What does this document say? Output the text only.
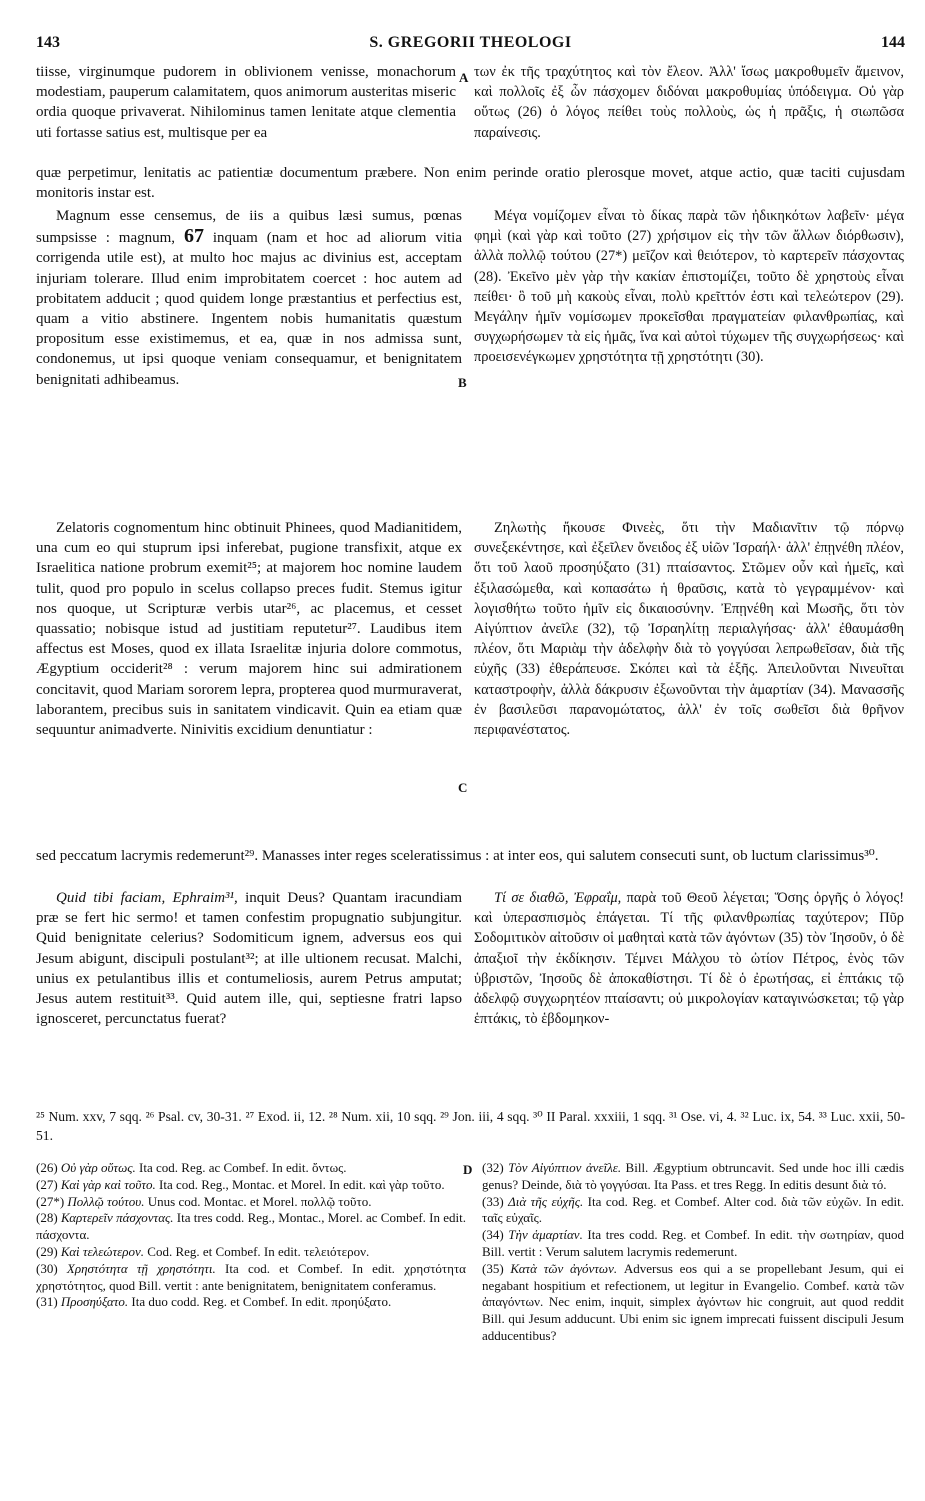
143	S. GREGORII THEOLOGI	144

tiisse, virginumque pudorem in oblivionem venisse, monachorum modestiam, pauperum calamitatem, quos animorum austeritas miseric ordia quoque privaverat. Nihilominus tamen lenitate atque clementia uti fortasse satius est, multisque per ea

A των ἐκ τῆς τραχύτητος καὶ τὸν ἔλεον. Ἀλλ' ἴσως μακροθυμεῖν ἄμεινον, καὶ πολλοῖς ἐξ ὧν πάσχομεν διδόναι μακροθυμίας ὑπόδειγμα. Οὐ γὰρ οὕτως (26) ὁ λόγος πείθει τοὺς πολλοὺς, ὡς ἡ πρᾶξις, ἡ σιωπῶσα παραίνεσις.

quæ perpetimur, lenitatis ac patientiæ documentum præbere. Non enim perinde oratio plerosque movet, atque actio, quæ taciti cujusdam monitoris instar est.

Magnum esse censemus, de iis a quibus læsi sumus, pœnas sumpsisse : magnum, 67 inquam (nam et hoc ad aliorum vitia corrigenda utile est), at multo hoc majus ac divinius est, acceptam injuriam tolerare. Illud enim improbitatem coercet : hoc autem ad probitatem adducit ; quod quidem longe præstantius et perfectius est, quam a vitio abstinere. Ingentem nobis humanitatis quæstum propositum esse existimemus, et ea, quæ in nos admissa sunt, condonemus, ut ipsi quoque veniam consequamur, et benignitatem benignitati adhibeamus.	B

Μέγα νομίζομεν εἶναι τὸ δίκας παρὰ τῶν ἠδικηκότων λαβεῖν· μέγα φημὶ (καὶ γὰρ καὶ τοῦτο (27) χρήσιμον εἰς τὴν τῶν ἄλλων διόρθωσιν), ἀλλὰ πολλῷ τούτου (27*) μεῖζον καὶ θειότερον, τὸ καρτερεῖν πάσχοντας (28). Ἐκεῖνο μὲν γὰρ τὴν κακίαν ἐπιστομίζει, τοῦτο δὲ χρηστοὺς εἶναι πείθει· ὃ τοῦ μὴ κακοὺς εἶναι, πολὺ κρεῖττόν ἐστι καὶ τελεώτερον (29). Μεγάλην ἡμῖν νομίσωμεν προκεῖσθαι πραγματείαν φιλανθρωπίας, καὶ συγχωρήσωμεν τὰ εἰς ἡμᾶς, ἵνα καὶ αὐτοὶ τύχωμεν τῆς συγχωρήσεως· καὶ προεισενέγκωμεν χρηστότητα τῇ χρηστότητι (30).

Zelatoris cognomentum hinc obtinuit Phinees, quod Madianitidem, una cum eo qui stuprum ipsi inferebat, pugione transfixit, atque ex Israelitica natione probrum exemit²⁵; at majorem hoc nomine laudem tulit, quod pro populo in scelus collapso preces fudit. Stemus igitur nos quoque, ut Scripturæ verbis utar²⁶, ac placemus, et cesset quassatio; nobisque istud ad justitiam reputetur²⁷. Laudibus item affectus est Moses, quod ex illata Israelitæ injuria dolore commotus, Ægyptium occiderit²⁸ : verum majorem hinc sui admirationem concitavit, quod Mariam sororem lepra, propterea quod murmuraverat, laborantem, precibus suis in sanitatem vindicavit. Quin ea etiam quæ sequuntur animadverte. Ninivitis excidium denuntiatur :

C

Ζηλωτὴς ἤκουσε Φινεὲς, ὅτι τὴν Μαδιανῖτιν τῷ πόρνῳ συνεξεκέντησε, καὶ ἐξεῖλεν ὄνειδος ἐξ υἱῶν Ἰσραήλ· ἀλλ' ἐπῃνέθη πλέον, ὅτι τοῦ λαοῦ προσηύξατο (31) πταίσαντος. Στῶμεν οὖν καὶ ἡμεῖς, καὶ ἐξιλασώμεθα, καὶ κοπασάτω ἡ θραῦσις, κατὰ τὸ γεγραμμένον· καὶ λογισθήτω τοῦτο ἡμῖν εἰς δικαιοσύνην. Ἐπῃνέθη καὶ Μωσῆς, ὅτι τὸν Αἰγύπτιον ἀνεῖλε (32), τῷ Ἰσραηλίτῃ περιαλγήσας· ἀλλ' ἐθαυμάσθη πλέον, ὅτι Μαριὰμ τὴν ἀδελφὴν διὰ τὸ γογγύσαι λεπρωθεῖσαν, διὰ τῆς εὐχῆς (33) ἐθεράπευσε. Σκόπει καὶ τὰ ἑξῆς. Ἀπειλοῦνται Νινευῖται καταστροφὴν, ἀλλὰ δάκρυσιν ἐξωνοῦνται τὴν ἁμαρτίαν (34). Μανασσῆς ἐν βασιλεῦσι παρανομώτατος, ἀλλ' ἐν τοῖς σωθεῖσι διὰ θρῆνον περιφανέστατος.

sed peccatum lacrymis redemerunt²⁹. Manasses inter reges sceleratissimus : at inter eos, qui salutem consecuti sunt, ob luctum clarissimus³⁰.

Quid tibi faciam, Ephraim³¹, inquit Deus? Quantam iracundiam præ se fert hic sermo! et tamen confestim propugnatio subjungitur. Quid benignitate celerius? Sodomiticum ignem, adversus eos qui Jesum abigunt, discipuli postulant³²; at ille ultionem recusat. Malchi, unius ex petulantibus illis et contumeliosis, aurem Petrus amputat; Jesus autem restituit³³. Quid autem ille, qui, septiesne fratri lapso ignosceret, percunctatus fuerat?
Τί σε διαθῶ, Ἐφραΐμ, παρὰ τοῦ Θεοῦ λέγεται; Ὅσης ὀργῆς ὁ λόγος! καὶ ὑπερασπισμὸς ἐπάγεται. Τί τῆς φιλανθρωπίας ταχύτερον; Πῦρ Σοδομιτικὸν αἰτοῦσιν οἱ μαθηταὶ κατὰ τῶν ἀγόντων (35) τὸν Ἰησοῦν, ὁ δὲ ἀπαξιοῖ τὴν ἐκδίκησιν. Τέμνει Μάλχου τὸ ὠτίον Πέτρος, ἑνὸς τῶν ὑβριστῶν, Ἰησοῦς δὲ ἀποκαθίστησι. Τί δὲ ὁ ἐρωτήσας, εἰ ἑπτάκις τῷ ἀδελφῷ συγχωρητέον πταίσαντι; οὐ μικρολογίαν καταγινώσκεται; τῷ γὰρ ἑπτάκις, τὸ ἑβδομηκον-

²⁵ Num. xxv, 7 sqq. ²⁶ Psal. cv, 30-31. ²⁷ Exod. ii, 12. ²⁸ Num. xii, 10 sqq. ²⁹ Jon. iii, 4 sqq. ³⁰ II Paral. xxxiii, 1 sqq. ³¹ Ose. vi, 4. ³² Luc. ix, 54. ³³ Luc. xxii, 50-51.

(26) Οὐ γὰρ οὕτως. Ita cod. Reg. ac Combef. In edit. ὄντως.

(27) Καὶ γὰρ καὶ τοῦτο. Ita cod. Reg., Montac. et Morel. In edit. καὶ γὰρ τοῦτο.

(27*) Πολλῷ τούτου. Unus cod. Montac. et Morel. πολλῷ τοῦτο.

(28) Καρτερεῖν πάσχοντας. Ita tres codd. Reg., Montac., Morel. ac Combef. In edit. πάσχοντα.

(29) Καὶ τελεώτερον. Cod. Reg. et Combef. In edit. τελειότερον.

(30) Χρηστότητα τῇ χρηστότητι. Ita cod. et Combef. In edit. χρηστότητα χρηστότητος, quod Bill. vertit : ante benignitatem, benignitatem conferamus.

(31) Προσηύξατο. Ita duo codd. Reg. et Combef. In edit. προηύξατο.

D (32) Τὸν Αἰγύπτιον ἀνεῖλε. Bill. Ægyptium obtruncavit. Sed unde hoc illi cædis genus? Deinde, διὰ τὸ γογγύσαι. Ita Pass. et tres Regg. In editis desunt διὰ τό.

(33) Διὰ τῆς εὐχῆς. Ita cod. Reg. et Combef. Alter cod. διὰ τῶν εὐχῶν. In edit. ταῖς εὐχαῖς.

(34) Τὴν ἁμαρτίαν. Ita tres codd. Reg. et Combef. In edit. τὴν σωτηρίαν, quod Bill. vertit : Verum salutem lacrymis redemerunt.

(35) Κατὰ τῶν ἀγόντων. Adversus eos qui a se propellebant Jesum, qui ei negabant hospitium et refectionem, ut legitur in Evangelio. Combef. κατὰ τῶν ἀπαγόντων. Nec enim, inquit, simplex ἀγόντων hic congruit, aut quod reddit Bill. qui Jesum adducunt. Ubi enim sic ignem imprecati fuissent discipuli Jesum adducentibus?
